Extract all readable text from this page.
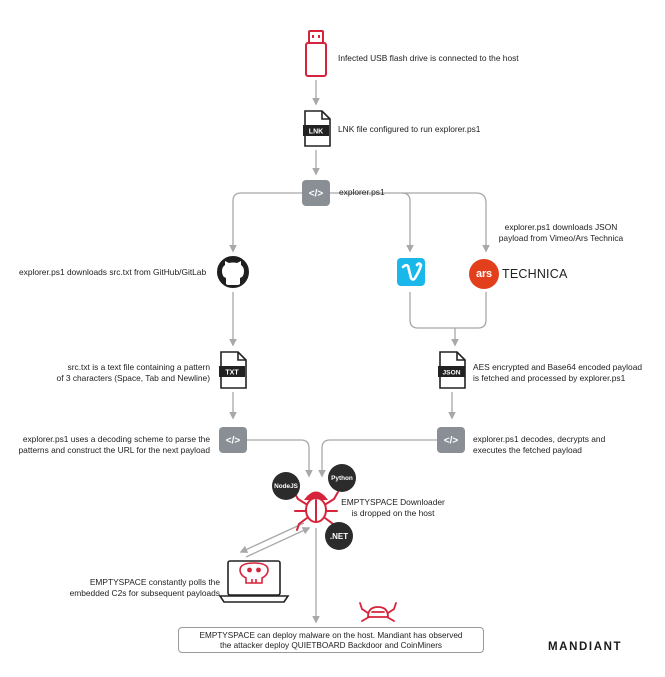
LNK
</>
TXT	JSON
</>	</>
Infected USB flash drive is connected to the host
LNK file configured to run explorer.ps1
explorer.ps1
explorer.ps1 downloads JSON
payload from Vimeo/Ars Technica
explorer.ps1 downloads src.txt from GitHub/GitLab
src.txt is a text file containing a pattern
of 3 characters (Space, Tab and Newline)
AES encrypted and Base64 encoded payload
is fetched and processed by explorer.ps1
explorer.ps1 uses a decoding scheme to parse the
patterns and construct the URL for the next payload
explorer.ps1 decodes, decrypts and
executes the fetched payload
EMPTYSPACE Downloader
is dropped on the host
EMPTYSPACE constantly polls the
embedded C2s for subsequent payloads
NodeJS
Python
.NET
ars TECHNICA
EMPTYSPACE can deploy malware on the host. Mandiant has observed
the attacker deploy QUIETBOARD Backdoor and CoinMiners	MANDIANT
